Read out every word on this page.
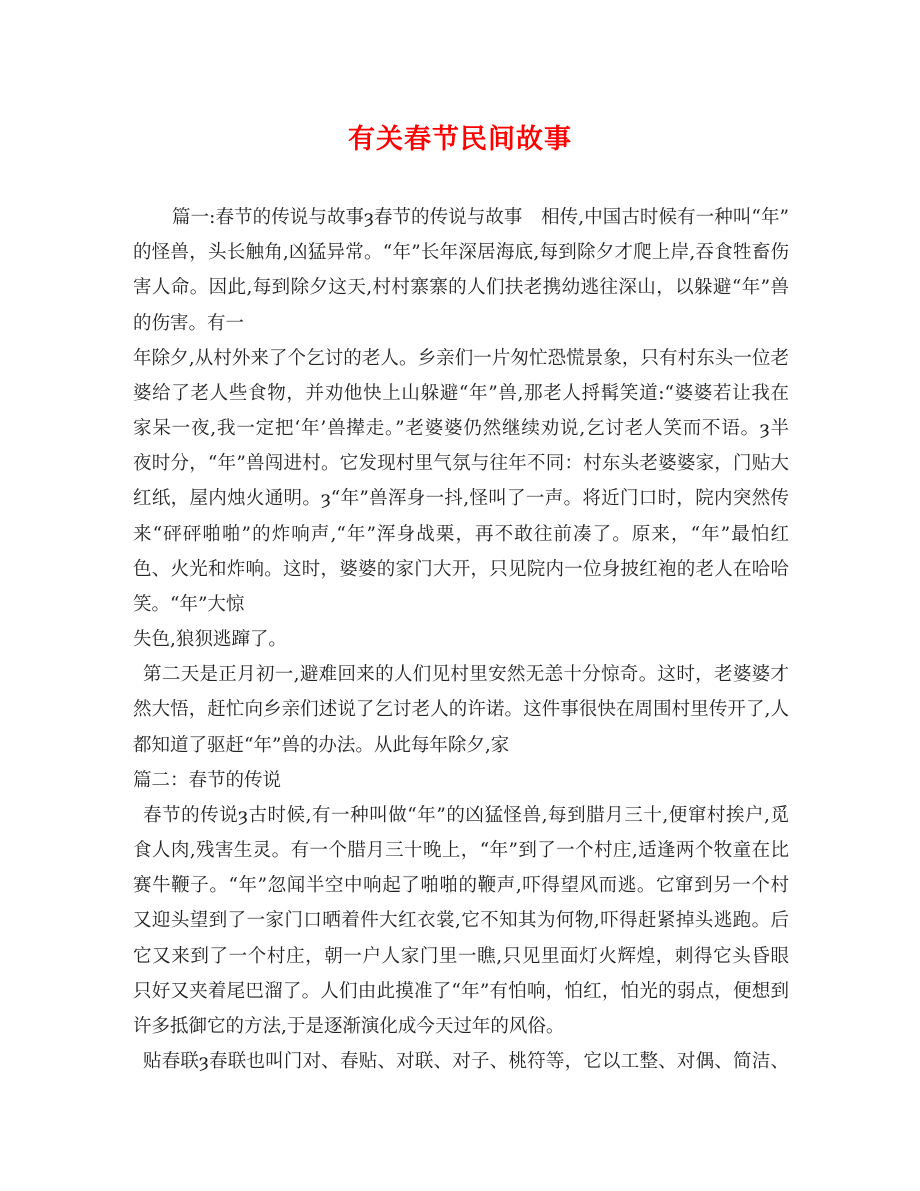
有关春节民间故事
篇一:春节的传说与故事ȝ春节的传说与故事　相传,中国古时候有一种叫“年”
的怪兽，头长触角,凶猛异常。“年”长年深居海底,每到除夕才爬上岸,吞食牲畜伤
害人命。因此,每到除夕这天,村村寨寨的人们扶老携幼逃往深山，以躲避“年”兽
的伤害。有一
年除夕,从村外来了个乞讨的老人。乡亲们一片匆忙恐慌景象，只有村东头一位老
婆给了老人些食物，并劝他快上山躲避“年”兽,那老人捋髯笑道:“婆婆若让我在
家呆一夜,我一定把‘年’兽撵走。”老婆婆仍然继续劝说,乞讨老人笑而不语。ȝ半
夜时分，“年”兽闯进村。它发现村里气氛与往年不同：村东头老婆婆家，门贴大
红纸，屋内烛火通明。ȝ“年”兽浑身一抖,怪叫了一声。将近门口时，院内突然传
来“砰砰啪啪”的炸响声,“年”浑身战栗，再不敢往前凑了。原来，“年”最怕红
色、火光和炸响。这时，婆婆的家门大开，只见院内一位身披红袍的老人在哈哈
笑。“年”大惊
失色,狼狈逃蹿了。
第二天是正月初一,避难回来的人们见村里安然无恙十分惊奇。这时，老婆婆才
然大悟，赶忙向乡亲们述说了乞讨老人的许诺。这件事很快在周围村里传开了,人
都知道了驱赶“年”兽的办法。从此每年除夕,家
篇二：春节的传说
春节的传说ȝ古时候,有一种叫做“年”的凶猛怪兽,每到腊月三十,便窜村挨户,觅
食人肉,残害生灵。有一个腊月三十晚上，“年”到了一个村庄,适逢两个牧童在比
赛牛鞭子。“年”忽闻半空中响起了啪啪的鞭声,吓得望风而逃。它窜到另一个村
又迎头望到了一家门口晒着件大红衣裳,它不知其为何物,吓得赶紧掉头逃跑。后
它又来到了一个村庄，朝一户人家门里一瞧,只见里面灯火辉煌，刺得它头昏眼
只好又夹着尾巴溜了。人们由此摸准了“年”有怕响，怕红，怕光的弱点，便想到
许多抵御它的方法,于是逐渐演化成今天过年的风俗。
贴春联ȝ春联也叫门对、春贴、对联、对子、桃符等，它以工整、对偶、简洁、
